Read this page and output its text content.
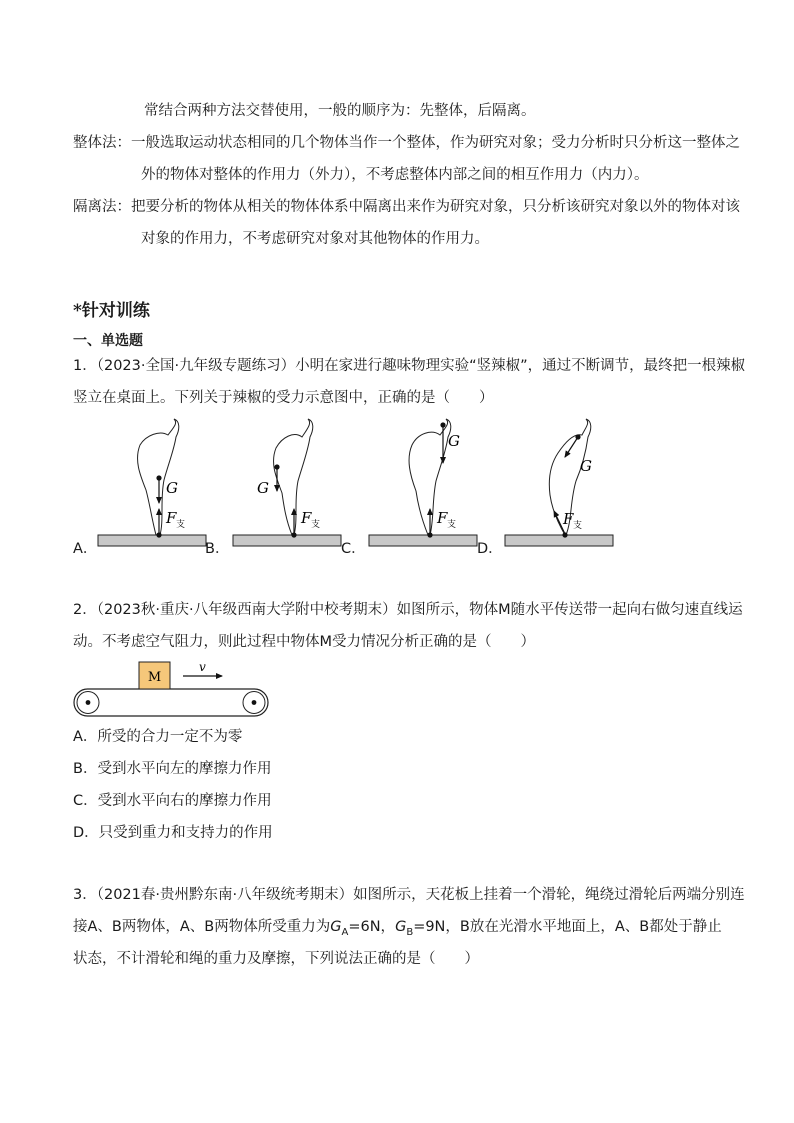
常结合两种方法交替使用，一般的顺序为：先整体，后隔离。
整体法：一般选取运动状态相同的几个物体当作一个整体，作为研究对象；受力分析时只分析这一整体之
外的物体对整体的作用力（外力），不考虑整体内部之间的相互作用力（内力）。
隔离法：把要分析的物体从相关的物体体系中隔离出来作为研究对象，只分析该研究对象以外的物体对该
对象的作用力，不考虑研究对象对其他物体的作用力。
*针对训练
一、单选题
1．（2023·全国·九年级专题练习）小明在家进行趣味物理实验“竖辣椒”，通过不断调节，最终把一根辣椒
竖立在桌面上。下列关于辣椒的受力示意图中，正确的是（　　）
G
F 支
G
F 支
G
F 支
G
F 支
A．	B．	C．	D．
2．（2023秋·重庆·八年级西南大学附中校考期末）如图所示，物体M随水平传送带一起向右做匀速直线运
动。不考虑空气阻力，则此过程中物体M受力情况分析正确的是（　　）
M
v
A．所受的合力一定不为零
B．受到水平向左的摩擦力作用
C．受到水平向右的摩擦力作用
D．只受到重力和支持力的作用
3．（2021春·贵州黔东南·八年级统考期末）如图所示，天花板上挂着一个滑轮，绳绕过滑轮后两端分别连
接A、B两物体，A、B两物体所受重力为$G_A=6N$，$G_B=9N$，B放在光滑水平地面上，A、B都处于静止
状态，不计滑轮和绳的重力及摩擦，下列说法正确的是（　　）
